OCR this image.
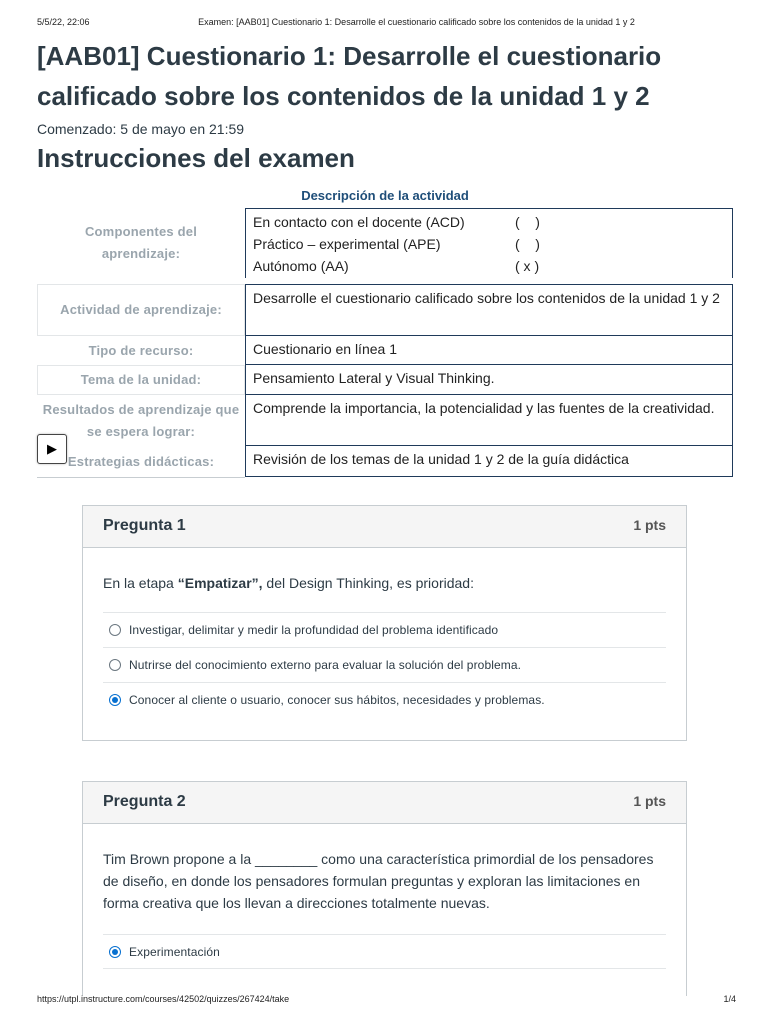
5/5/22, 22:06	Examen: [AAB01] Cuestionario 1: Desarrolle el cuestionario calificado sobre los contenidos de la unidad 1 y 2
[AAB01] Cuestionario 1: Desarrolle el cuestionario calificado sobre los contenidos de la unidad 1 y 2
Comenzado: 5 de mayo en 21:59
Instrucciones del examen
Descripción de la actividad
Componentes del aprendizaje:
En contacto con el docente (ACD)	(    )
Práctico – experimental (APE)	(    )
Autónomo (AA)	( x )
Actividad de aprendizaje:
Desarrolle el cuestionario calificado sobre los contenidos de la unidad 1 y 2
Tipo de recurso:	Cuestionario en línea 1
Tema de la unidad:	Pensamiento Lateral y Visual Thinking.
Resultados de aprendizaje que se espera lograr:
Comprende la importancia, la potencialidad y las fuentes de la creatividad.
Estrategias didácticas:	Revisión de los temas de la unidad 1 y 2 de la guía didáctica
▶
Pregunta 1	1 pts
En la etapa “Empatizar”, del Design Thinking, es prioridad:
Investigar, delimitar y medir la profundidad del problema identificado
Nutrirse del conocimiento externo para evaluar la solución del problema.
Conocer al cliente o usuario, conocer sus hábitos, necesidades y problemas.
Pregunta 2	1 pts
Tim Brown propone a la ________ como una característica primordial de los pensadores de diseño, en donde los pensadores formulan preguntas y exploran las limitaciones en forma creativa que los llevan a direcciones totalmente nuevas.
Experimentación
https://utpl.instructure.com/courses/42502/quizzes/267424/take	1/4
